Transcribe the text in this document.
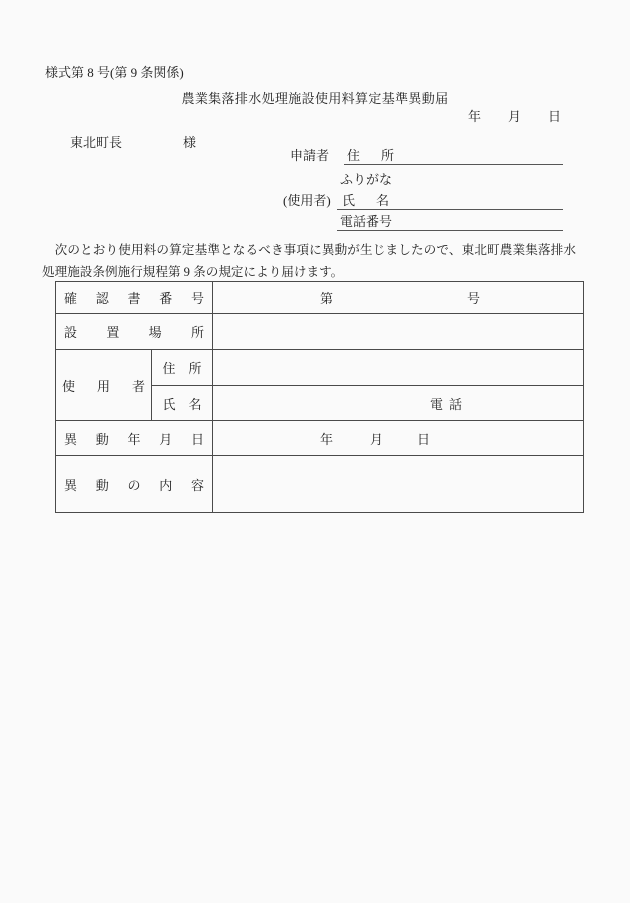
様式第 8 号(第 9 条関係)
農業集落排水処理施設使用料算定基準異動届
年 月 日
東北町長	様
申請者	住　所
ふりがな
(使用者) 氏　名
電話番号
次のとおり使用料の算定基準となるべき事項に異動が生じましたので、東北町農業集落排水処理施設条例施行規程第 9 条の規定により届けます。
確認書番号		第 号

設置場所		

使用者	住　所	

	氏　名	電話

異動年月日		年 月 日

異動の内容		
